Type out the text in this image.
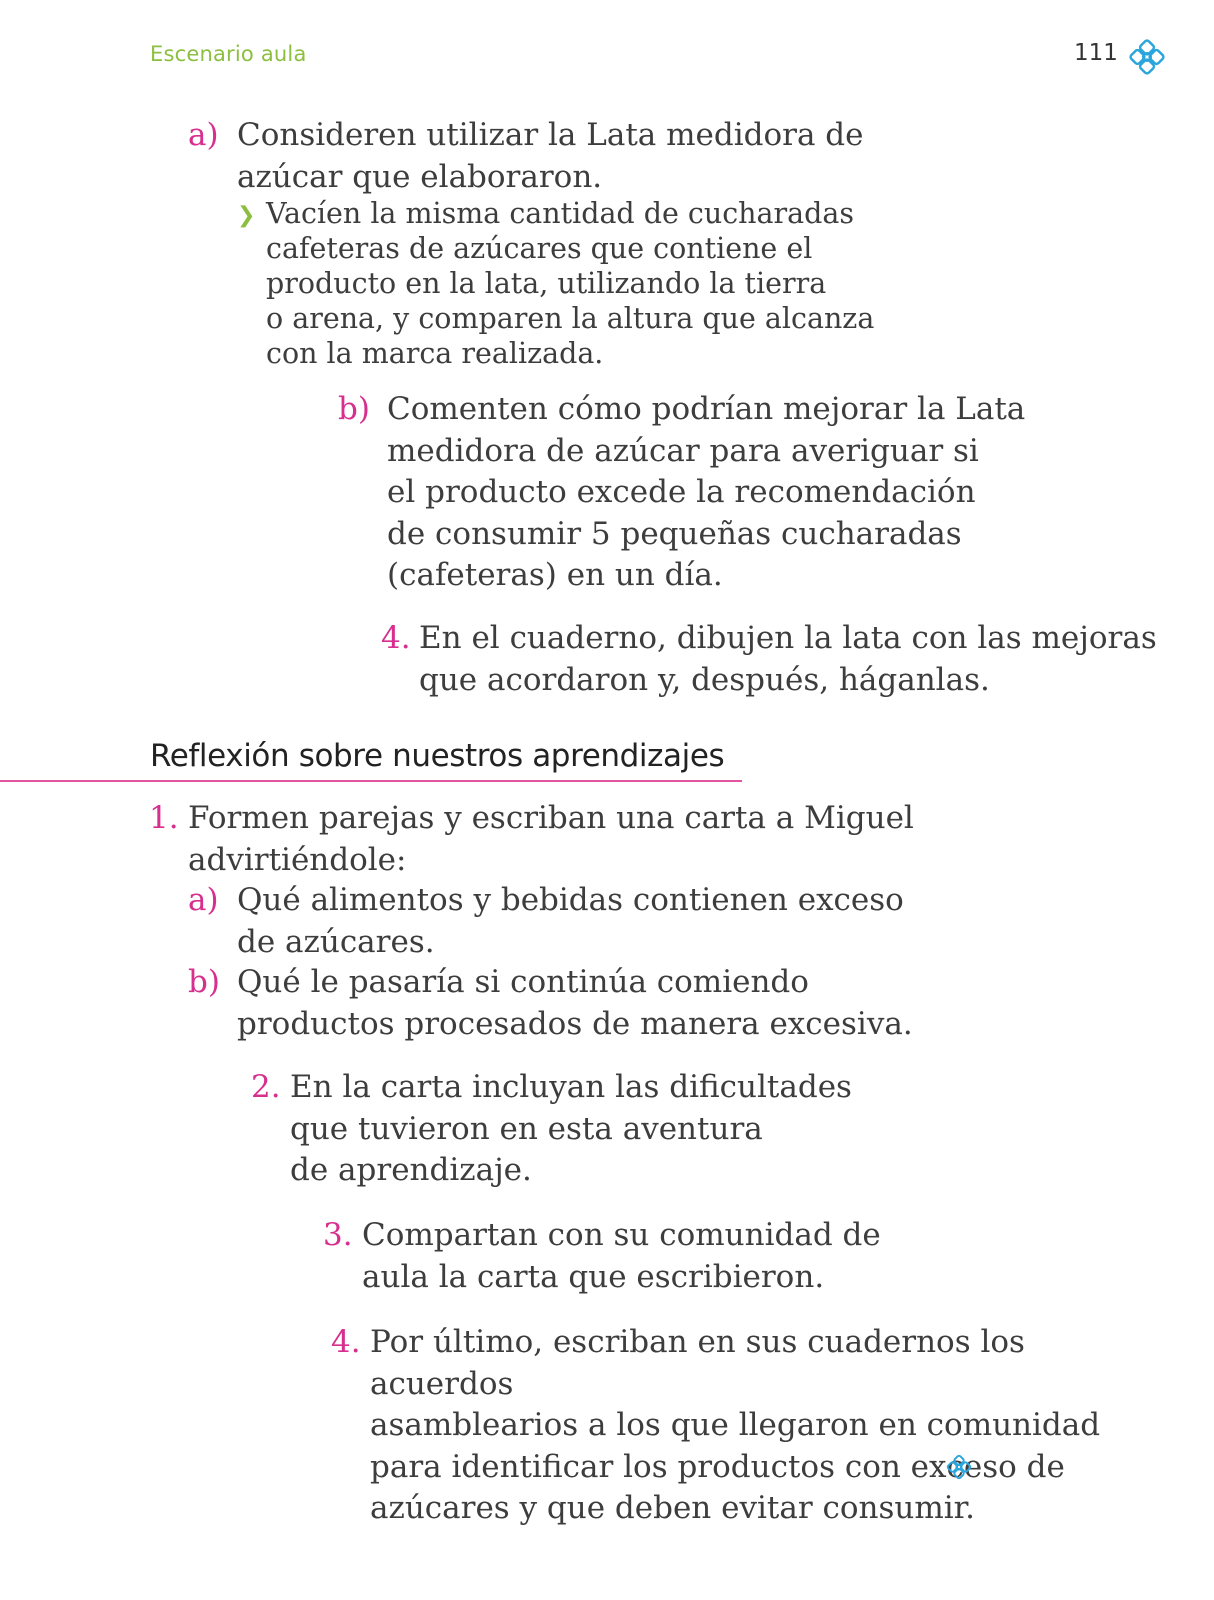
Escenario aula	111
a) Consideren utilizar la Lata medidora de
azúcar que elaboraron.
❯ Vacíen la misma cantidad de cucharadas
cafeteras de azúcares que contiene el
producto en la lata, utilizando la tierra
o arena, y comparen la altura que alcanza
con la marca realizada.
b) Comenten cómo podrían mejorar la Lata
medidora de azúcar para averiguar si
el producto excede la recomendación
de consumir 5 pequeñas cucharadas
(cafeteras) en un día.
4. En el cuaderno, dibujen la lata con las mejoras
que acordaron y, después, háganlas.
Reflexión sobre nuestros aprendizajes
1. Formen parejas y escriban una carta a Miguel
advirtiéndole:
a) Qué alimentos y bebidas contienen exceso
de azúcares.
b) Qué le pasaría si continúa comiendo
productos procesados de manera excesiva.
2. En la carta incluyan las dificultades
que tuvieron en esta aventura
de aprendizaje.
3. Compartan con su comunidad de
aula la carta que escribieron.
4. Por último, escriban en sus cuadernos los acuerdos
asamblearios a los que llegaron en comunidad
para identificar los productos con exceso de
azúcares y que deben evitar consumir.
